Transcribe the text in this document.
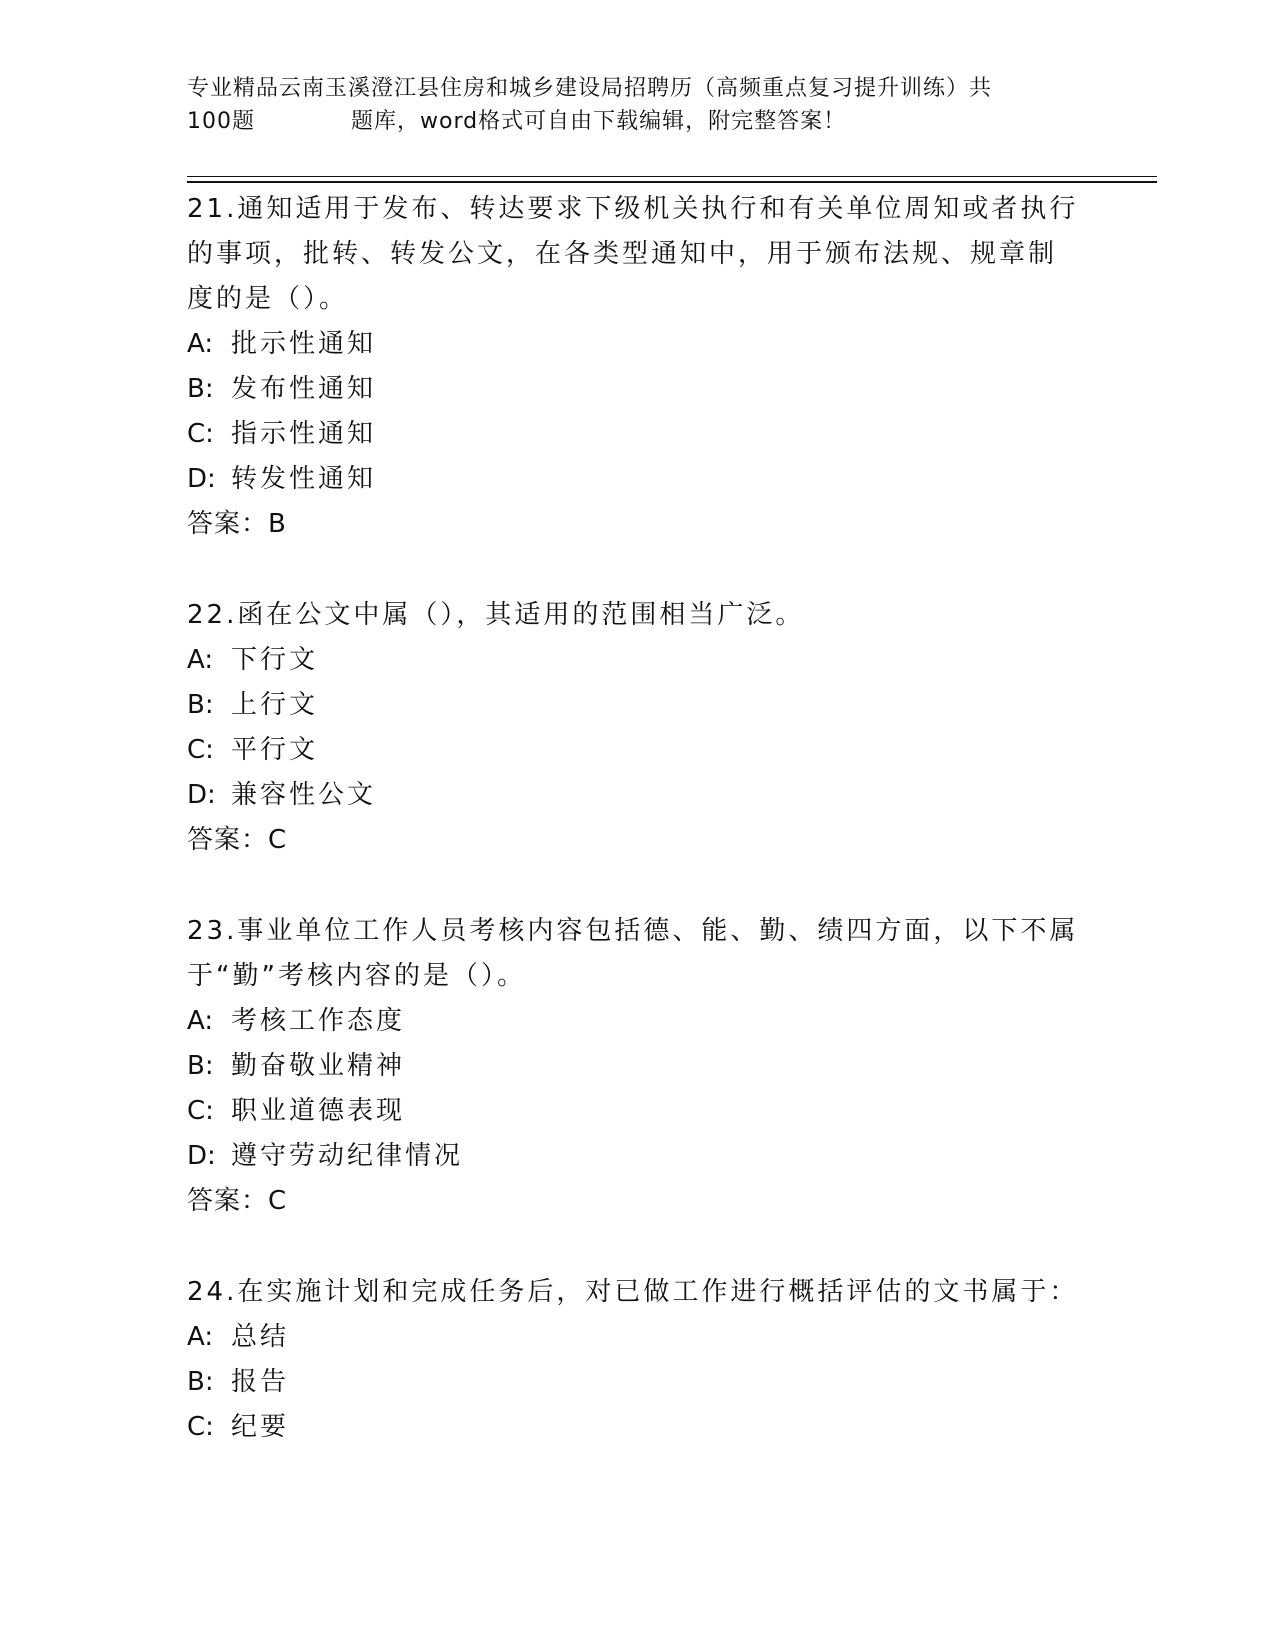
专业精品云南玉溪澄江县住房和城乡建设局招聘历（高频重点复习提升训练）共
100题	题库，word格式可自由下载编辑，附完整答案！
21.通知适用于发布、转达要求下级机关执行和有关单位周知或者执行
的事项，批转、转发公文，在各类型通知中，用于颁布法规、规章制
度的是（）。
A: 批示性通知
B: 发布性通知
C: 指示性通知
D: 转发性通知
答案：B
22.函在公文中属（），其适用的范围相当广泛。
A: 下行文
B: 上行文
C: 平行文
D: 兼容性公文
答案：C
23.事业单位工作人员考核内容包括德、能、勤、绩四方面，以下不属
于“勤”考核内容的是（）。
A: 考核工作态度
B: 勤奋敬业精神
C: 职业道德表现
D: 遵守劳动纪律情况
答案：C
24.在实施计划和完成任务后，对已做工作进行概括评估的文书属于：
A: 总结
B: 报告
C: 纪要
